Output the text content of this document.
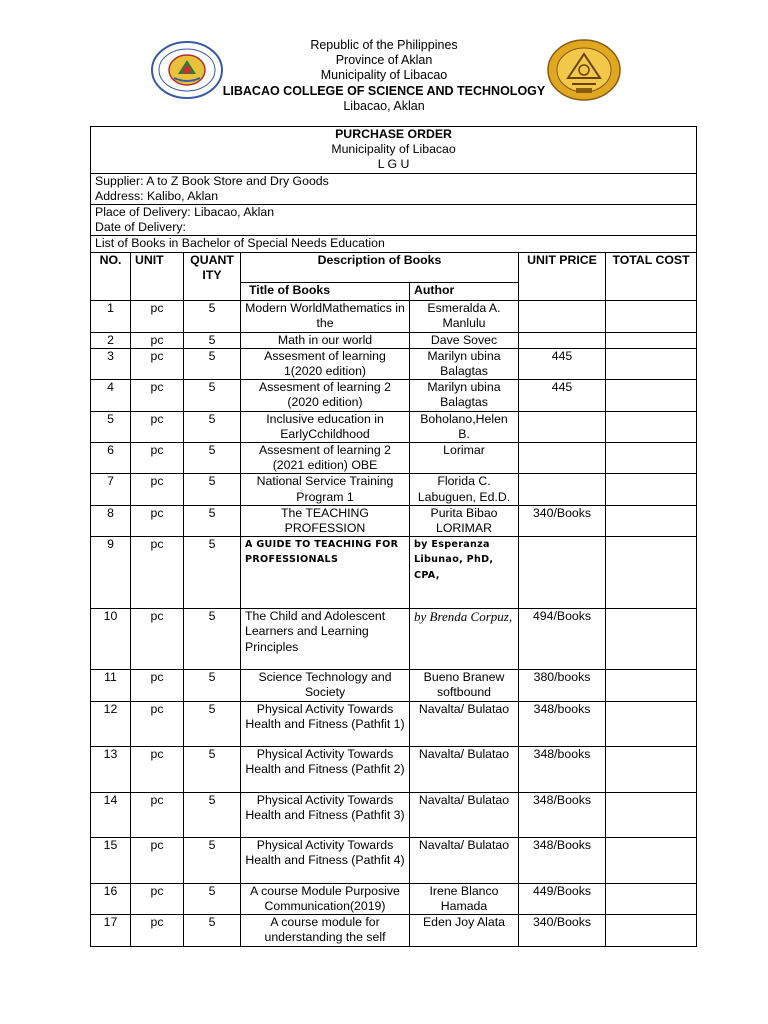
Republic of the Philippines
Province of Aklan
Municipality of Libacao
LIBACAO COLLEGE OF SCIENCE AND TECHNOLOGY
Libacao, Aklan
PURCHASE ORDER
Municipality of Libacao
L G U						

Supplier: A to Z Book Store and Dry Goods
Address: Kalibo, Aklan						

Place of Delivery: Libacao, Aklan
Date of Delivery:						

List of Books in Bachelor of Special Needs Education						
NO.	UNIT	QUANT ITY	Description of Books		UNIT PRICE	TOTAL COST
			Title of Books	Author		
1	pc	5	Modern WorldMathematics in the	Esmeralda A. Manlulu		
2	pc	5	Math in our world	Dave Sovec		
3	pc	5	Assesment of learning 1(2020 edition)	Marilyn ubina Balagtas	445	
4	pc	5	Assesment of learning 2 (2020 edition)	Marilyn ubina Balagtas	445	
5	pc	5	Inclusive education in EarlyCchildhood	Boholano,Helen B.		
6	pc	5	Assesment of learning 2 (2021 edition) OBE	Lorimar		
7	pc	5	National Service Training Program 1	Florida C. Labuguen, Ed.D.		
8	pc	5	The TEACHING PROFESSION	Purita Bibao LORIMAR	340/Books	
9	pc	5	A GUIDE TO TEACHING FOR PROFESSIONALS	by Esperanza Libunao, PhD, CPA,		
10	pc	5	The Child and Adolescent Learners and Learning Principles	by Brenda Corpuz,	494/Books	
11	pc	5	Science Technology and Society	Bueno Branew softbound	380/books	
12	pc	5	Physical Activity Towards Health and Fitness (Pathfit 1)	Navalta/ Bulatao	348/books	
13	pc	5	Physical Activity Towards Health and Fitness (Pathfit 2)	Navalta/ Bulatao	348/books	
14	pc	5	Physical Activity Towards Health and Fitness (Pathfit 3)	Navalta/ Bulatao	348/Books	
15	pc	5	Physical Activity Towards Health and Fitness (Pathfit 4)	Navalta/ Bulatao	348/Books	
16	pc	5	A course Module Purposive Communication(2019)	Irene Blanco Hamada	449/Books	
17	pc	5	A course module for understanding the self	Eden Joy Alata	340/Books	
